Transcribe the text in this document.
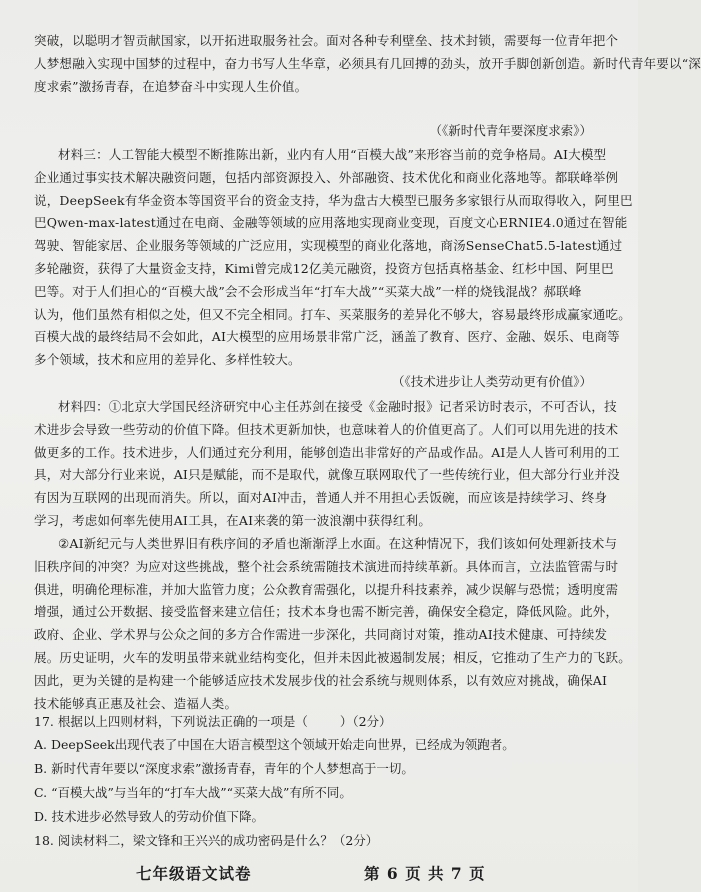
突破，以聪明才智贡献国家，以开拓进取服务社会。面对各种专利壁垒、技术封锁，需要每一位青年把个
人梦想融入实现中国梦的过程中，奋力书写人生华章，必须具有几回搏的劲头，放开手脚创新创造。新时代青年要以“深
度求索”激扬青春，在追梦奋斗中实现人生价值。
（《新时代青年要深度求索》）
材料三：人工智能大模型不断推陈出新，业内有人用“百模大战”来形容当前的竞争格局。AI大模型
企业通过事实技术解决融资问题，包括内部资源投入、外部融资、技术优化和商业化落地等。都联峰举例
说，DeepSeek有华金资本等国资平台的资金支持，华为盘古大模型已服务多家银行从而取得收入，阿里巴
巴Qwen-max-latest通过在电商、金融等领域的应用落地实现商业变现，百度文心ERNIE4.0通过在智能
驾驶、智能家居、企业服务等领域的广泛应用，实现模型的商业化落地，商汤SenseChat5.5-latest通过
多轮融资，获得了大量资金支持，Kimi曾完成12亿美元融资，投资方包括真格基金、红杉中国、阿里巴
巴等。对于人们担心的“百模大战”会不会形成当年“打车大战”“买菜大战”一样的烧钱混战？郝联峰
认为，他们虽然有相似之处，但又不完全相同。打车、买菜服务的差异化不够大，容易最终形成赢家通吃。
百模大战的最终结局不会如此，AI大模型的应用场景非常广泛，涵盖了教育、医疗、金融、娱乐、电商等
多个领域，技术和应用的差异化、多样性较大。
（《技术进步让人类劳动更有价值》）
材料四：①北京大学国民经济研究中心主任苏剑在接受《金融时报》记者采访时表示，不可否认，技
术进步会导致一些劳动的价值下降。但技术更新加快，也意味着人的价值更高了。人们可以用先进的技术
做更多的工作。技术进步，人们通过充分利用，能够创造出非常好的产品或作品。AI是人人皆可利用的工
具，对大部分行业来说，AI只是赋能，而不是取代，就像互联网取代了一些传统行业，但大部分行业并没
有因为互联网的出现而消失。所以，面对AI冲击，普通人并不用担心丢饭碗，而应该是持续学习、终身
学习，考虑如何率先使用AI工具，在AI来袭的第一波浪潮中获得红利。
②AI新纪元与人类世界旧有秩序间的矛盾也渐渐浮上水面。在这种情况下，我们该如何处理新技术与
旧秩序间的冲突？为应对这些挑战，整个社会系统需随技术演进而持续革新。具体而言，立法监管需与时
俱进，明确伦理标准，并加大监管力度；公众教育需强化，以提升科技素养，减少误解与恐慌；透明度需
增强，通过公开数据、接受监督来建立信任；技术本身也需不断完善，确保安全稳定，降低风险。此外，
政府、企业、学术界与公众之间的多方合作需进一步深化，共同商讨对策，推动AI技术健康、可持续发
展。历史证明，火车的发明虽带来就业结构变化，但并未因此被遏制发展；相反，它推动了生产力的飞跃。
因此，更为关键的是构建一个能够适应技术发展步伐的社会系统与规则体系，以有效应对挑战，确保AI
技术能够真正惠及社会、造福人类。
17. 根据以上四则材料，下列说法正确的一项是（	）（2分）
A. DeepSeek出现代表了中国在大语言模型这个领域开始走向世界，已经成为领跑者。
B. 新时代青年要以“深度求索”激扬青春，青年的个人梦想高于一切。
C. “百模大战”与当年的“打车大战”“买菜大战”有所不同。
D. 技术进步必然导致人的劳动价值下降。
18. 阅读材料二，梁文锋和王兴兴的成功密码是什么？（2分）
七年级语文试卷	第 6 页 共 7 页
